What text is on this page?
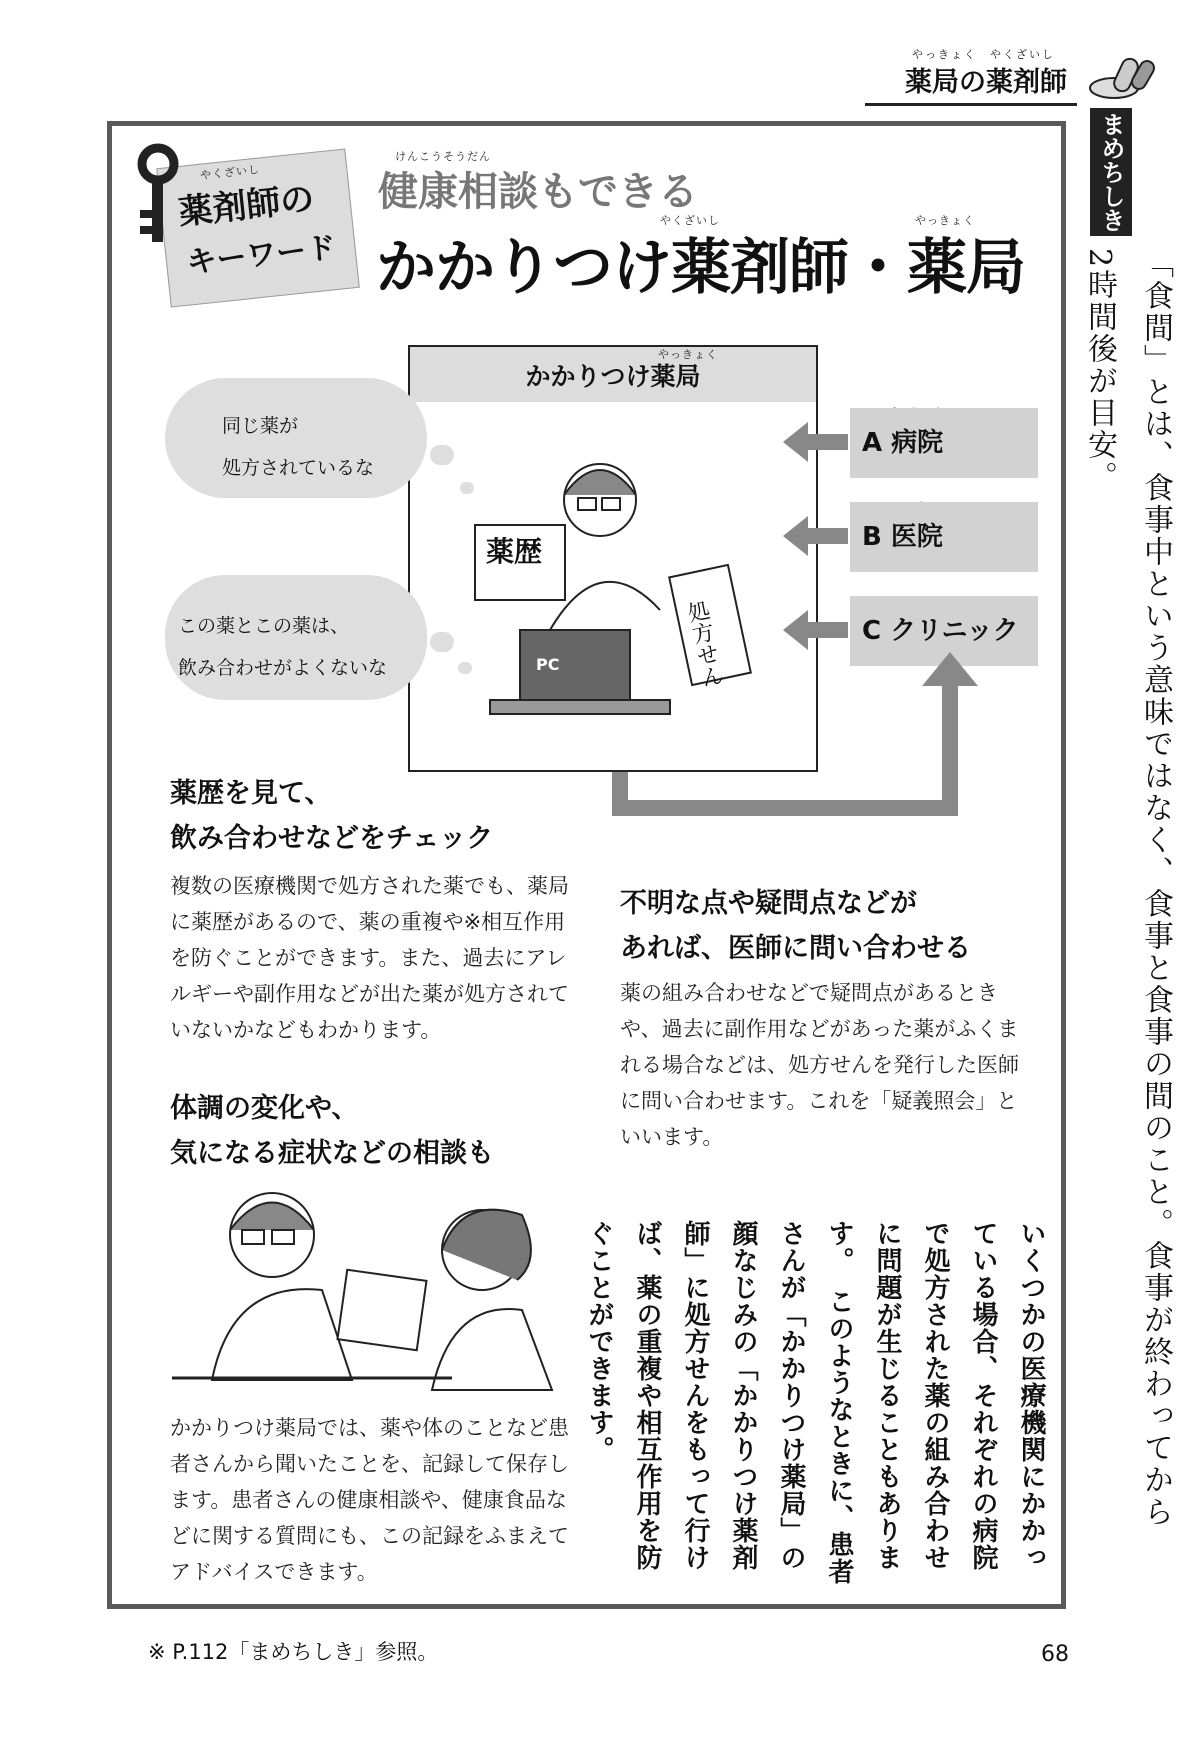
やっきょく　やくざいし
薬局の薬剤師
まめちしき
「食間」とは、食事中という意味ではなく、食事と食事の間のこと。食事が終わってから2時間後が目安。
やくざいし
薬剤師の
キーワード
けんこうそうだん
健康相談もできる
やくざいし	やっきょく
かかりつけ薬剤師・薬局
やっきょく
かかりつけ薬局
A 病院
B 医院
C クリニック
薬歴
PC	処方せん
同じ薬が
処方されているな
この薬とこの薬は、
飲み合わせがよくないな
薬歴を見て、
飲み合わせなどをチェック
複数の医療機関で処方された薬でも、薬局に薬歴があるので、薬の重複や※相互作用を防ぐことができます。また、過去にアレルギーや副作用などが出た薬が処方されていないかなどもわかります。
不明な点や疑問点などが
あれば、医師に問い合わせる
薬の組み合わせなどで疑問点があるときや、過去に副作用などがあった薬がふくまれる場合などは、処方せんを発行した医師に問い合わせます。これを「疑義照会」といいます。
体調の変化や、
気になる症状などの相談も
かかりつけ薬局では、薬や体のことなど患者さんから聞いたことを、記録して保存します。患者さんの健康相談や、健康食品などに関する質問にも、この記録をふまえてアドバイスできます。
いくつかの医療機関にかかっている場合、それぞれの病院で処方された薬の組み合わせに問題が生じることもあります。　このようなときに、患者さんが「かかりつけ薬局」の顔なじみの「かかりつけ薬剤師」に処方せんをもって行けば、薬の重複や相互作用を防ぐことができます。
※ P.112「まめちしき」参照。	68
